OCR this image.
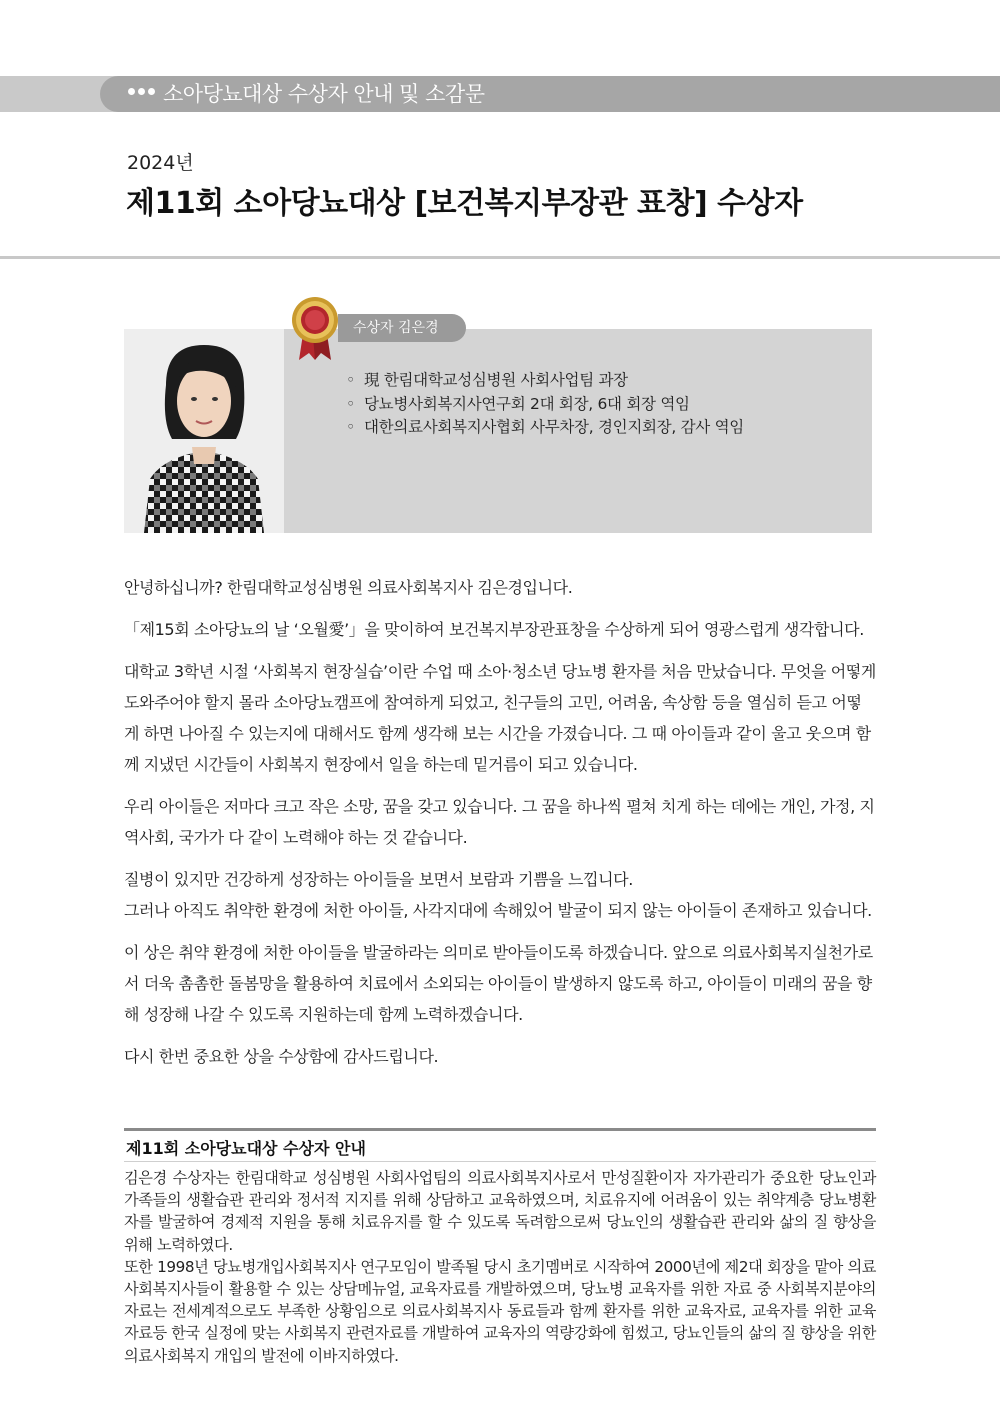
소아당뇨대상 수상자 안내 및 소감문
2024년
제11회 소아당뇨대상 [보건복지부장관 표창] 수상자
수상자 김은경
◦ 現 한림대학교성심병원 사회사업팀 과장
◦ 당뇨병사회복지사연구회 2대 회장, 6대 회장 역임
◦ 대한의료사회복지사협회 사무차장, 경인지회장, 감사 역임

안녕하십니까? 한림대학교성심병원 의료사회복지사 김은경입니다.

「제15회 소아당뇨의 날 ‘오월愛’」을 맞이하여 보건복지부장관표창을 수상하게 되어 영광스럽게 생각합니다.

대학교 3학년 시절 ‘사회복지 현장실습’이란 수업 때 소아·청소년 당뇨병 환자를 처음 만났습니다. 무엇을 어떻게 도와주어야 할지 몰라 소아당뇨캠프에 참여하게 되었고, 친구들의 고민, 어려움, 속상함 등을 열심히 듣고 어떻게 하면 나아질 수 있는지에 대해서도 함께 생각해 보는 시간을 가졌습니다. 그 때 아이들과 같이 울고 웃으며 함께 지냈던 시간들이 사회복지 현장에서 일을 하는데 밑거름이 되고 있습니다.

우리 아이들은 저마다 크고 작은 소망, 꿈을 갖고 있습니다. 그 꿈을 하나씩 펼쳐 치게 하는 데에는 개인, 가정, 지역사회, 국가가 다 같이 노력해야 하는 것 같습니다.

질병이 있지만 건강하게 성장하는 아이들을 보면서 보람과 기쁨을 느낍니다.
그러나 아직도 취약한 환경에 처한 아이들, 사각지대에 속해있어 발굴이 되지 않는 아이들이 존재하고 있습니다.

이 상은 취약 환경에 처한 아이들을 발굴하라는 의미로 받아들이도록 하겠습니다. 앞으로 의료사회복지실천가로서 더욱 촘촘한 돌봄망을 활용하여 치료에서 소외되는 아이들이 발생하지 않도록 하고, 아이들이 미래의 꿈을 향해 성장해 나갈 수 있도록 지원하는데 함께 노력하겠습니다.

다시 한번 중요한 상을 수상함에 감사드립니다.

제11회 소아당뇨대상 수상자 안내

김은경 수상자는 한림대학교 성심병원 사회사업팀의 의료사회복지사로서 만성질환이자 자가관리가 중요한 당뇨인과 가족들의 생활습관 관리와 정서적 지지를 위해 상담하고 교육하였으며, 치료유지에 어려움이 있는 취약계층 당뇨병환자를 발굴하여 경제적 지원을 통해 치료유지를 할 수 있도록 독려함으로써 당뇨인의 생활습관 관리와 삶의 질 향상을 위해 노력하였다.

또한 1998년 당뇨병개입사회복지사 연구모임이 발족될 당시 초기멤버로 시작하여 2000년에 제2대 회장을 맡아 의료사회복지사들이 활용할 수 있는 상담메뉴얼, 교육자료를 개발하였으며, 당뇨병 교육자를 위한 자료 중 사회복지분야의 자료는 전세계적으로도 부족한 상황임으로 의료사회복지사 동료들과 함께 환자를 위한 교육자료, 교육자를 위한 교육자료등 한국 실정에 맞는 사회복지 관련자료를 개발하여 교육자의 역량강화에 힘썼고, 당뇨인들의 삶의 질 향상을 위한 의료사회복지 개입의 발전에 이바지하였다.
